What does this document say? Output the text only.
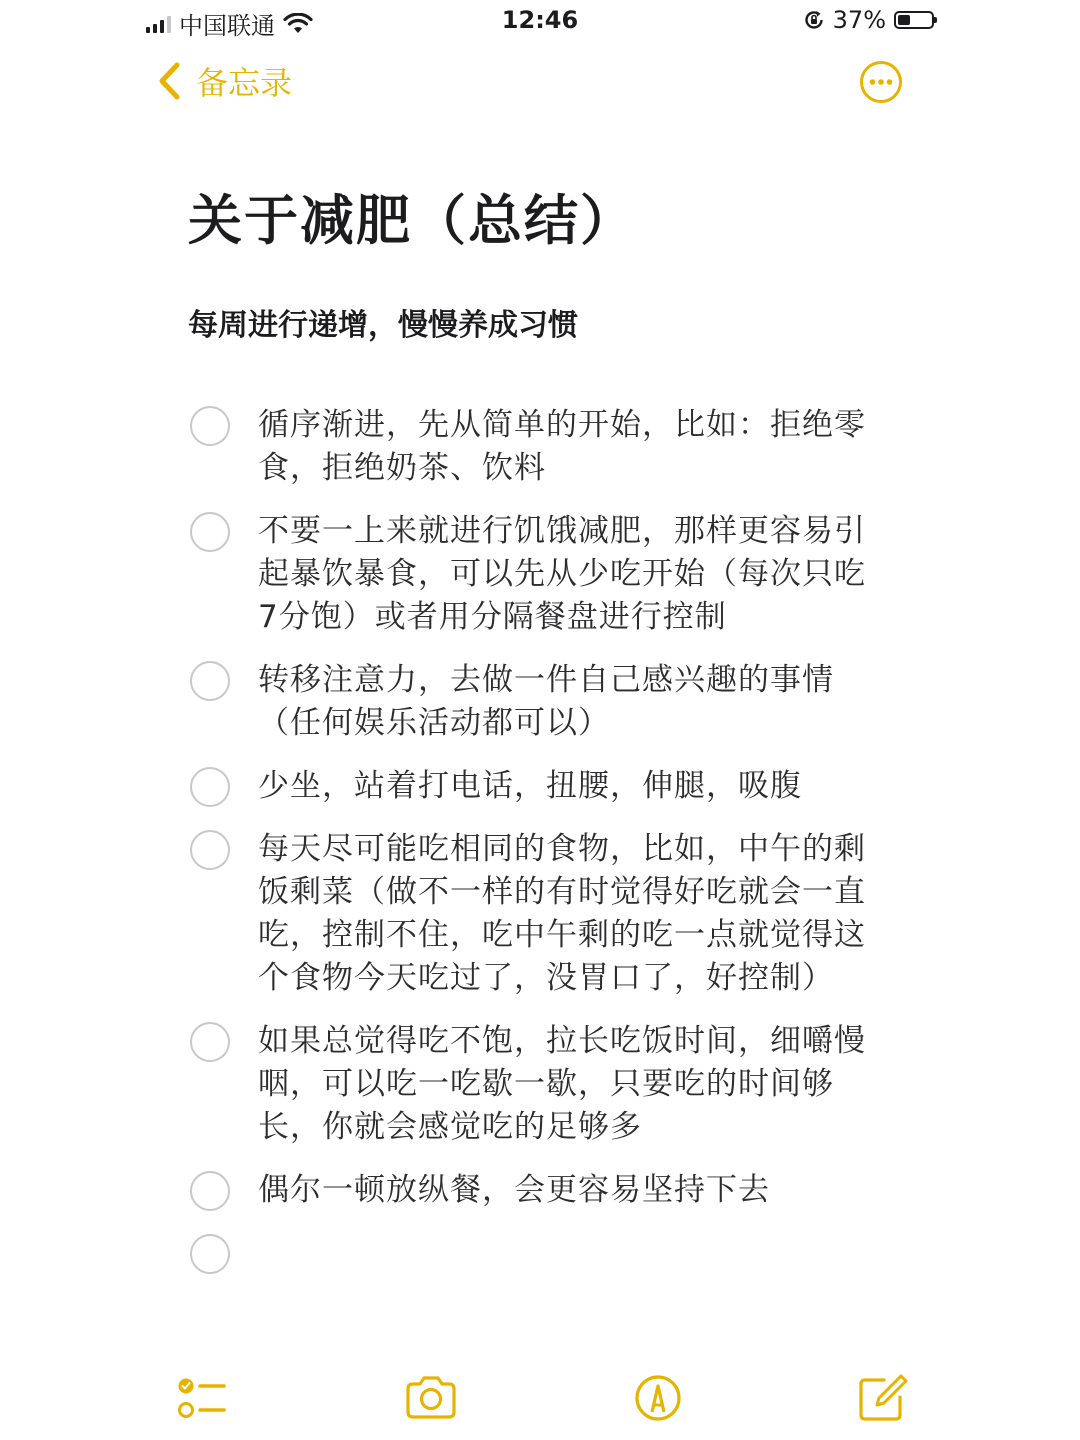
中国联通	12:46	37%
备忘录
关于减肥（总结）
每周进行递增，慢慢养成习惯
循序渐进，先从简单的开始，比如：拒绝零食，拒绝奶茶、饮料
不要一上来就进行饥饿减肥，那样更容易引起暴饮暴食，可以先从少吃开始（每次只吃7分饱）或者用分隔餐盘进行控制
转移注意力，去做一件自己感兴趣的事情（任何娱乐活动都可以）
少坐，站着打电话，扭腰，伸腿，吸腹
每天尽可能吃相同的食物，比如，中午的剩饭剩菜（做不一样的有时觉得好吃就会一直吃，控制不住，吃中午剩的吃一点就觉得这个食物今天吃过了，没胃口了，好控制）
如果总觉得吃不饱，拉长吃饭时间，细嚼慢咽，可以吃一吃歇一歇，只要吃的时间够长，你就会感觉吃的足够多
偶尔一顿放纵餐，会更容易坚持下去
